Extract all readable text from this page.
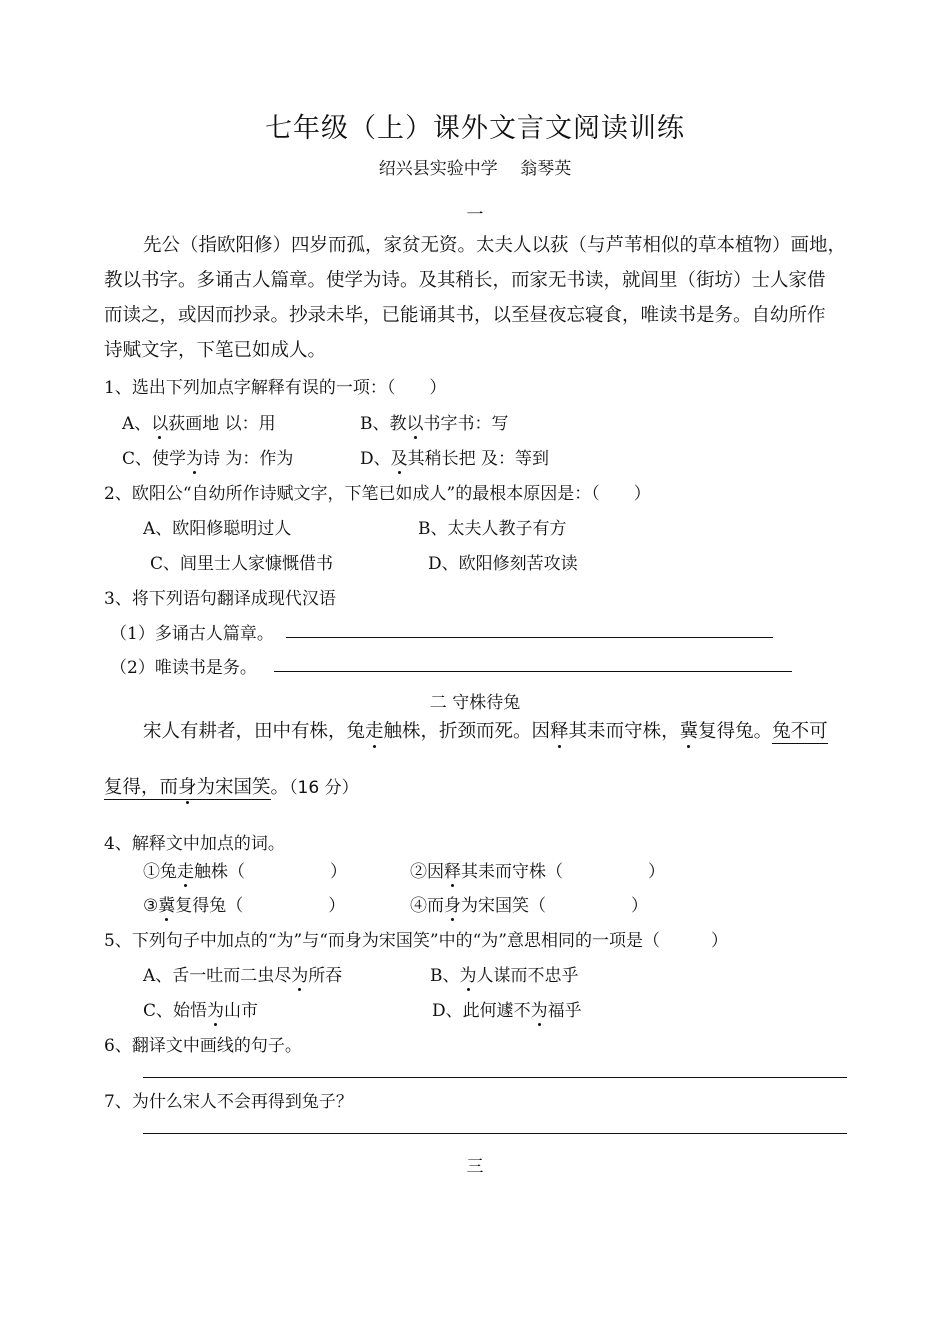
七年级（上）课外文言文阅读训练
绍兴县实验中学　 翁琴英
一
先公（指欧阳修）四岁而孤，家贫无资。太夫人以荻（与芦苇相似的草本植物）画地，
教以书字。多诵古人篇章。使学为诗。及其稍长，而家无书读，就闾里（街坊）士人家借
而读之，或因而抄录。抄录未毕，已能诵其书，以至昼夜忘寝食，唯读书是务。自幼所作
诗赋文字，下笔已如成人。
1、选出下列加点字解释有误的一项：（　　）
A、以荻画地 以：用	B、教以书字书：写
C、使学为诗 为：作为	D、及其稍长把 及：等到
2、欧阳公“自幼所作诗赋文字，下笔已如成人”的最根本原因是：（　　）
A、欧阳修聪明过人	B、太夫人教子有方
C、闾里士人家慷慨借书	D、欧阳修刻苦攻读
3、将下列语句翻译成现代汉语
（1）多诵古人篇章。
（2）唯读书是务。
二 守株待兔
宋人有耕者，田中有株，兔走触株，折颈而死。因释其耒而守株，冀复得兔。兔不可
复得，而身为宋国笑。（16 分）
4、解释文中加点的词。
①兔走触株（　　　　　）	②因释其耒而守株（　　　　　）
③冀复得兔（　　　　　）	④而身为宋国笑（　　　　　）
5、下列句子中加点的“为”与“而身为宋国笑”中的“为”意思相同的一项是（　　　）
A、舌一吐而二虫尽为所吞	B、为人谋而不忠乎
C、始悟为山市	D、此何遽不为福乎
6、翻译文中画线的句子。
7、为什么宋人不会再得到兔子？
三
